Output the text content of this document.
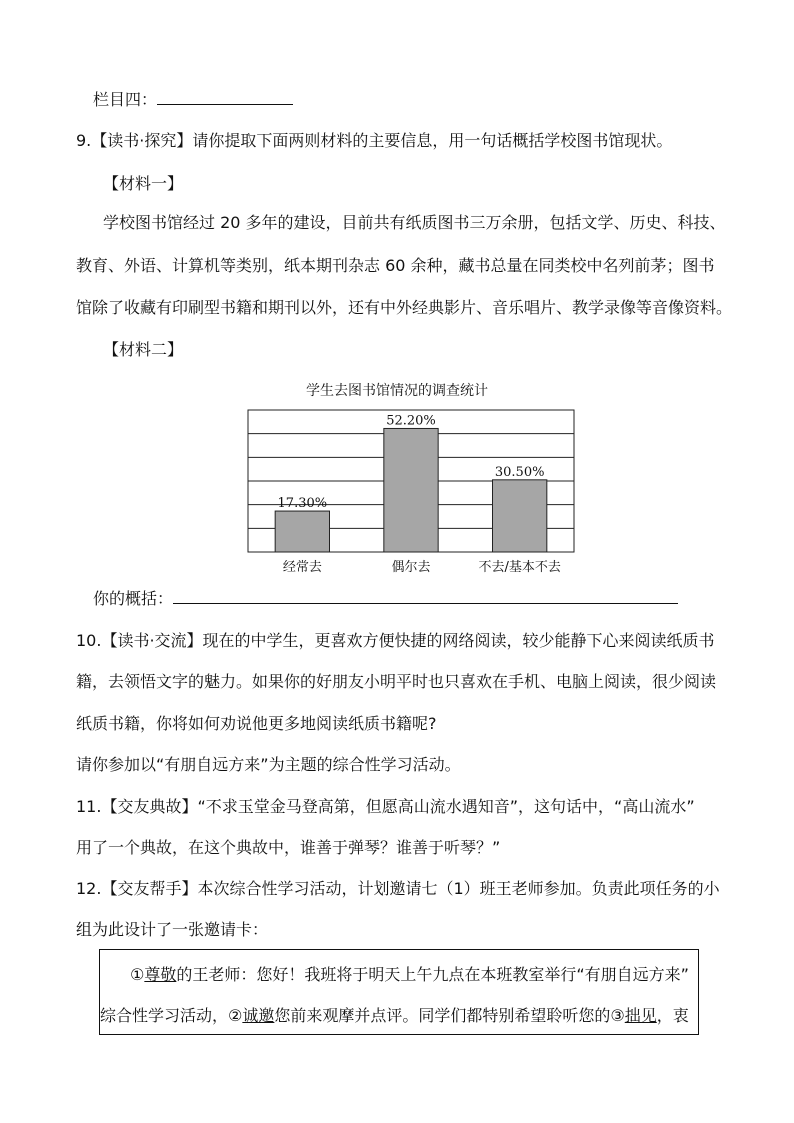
栏目四：
9.【读书·探究】请你提取下面两则材料的主要信息，用一句话概括学校图书馆现状。
【材料一】
学校图书馆经过 20 多年的建设，目前共有纸质图书三万余册，包括文学、历史、科技、
教育、外语、计算机等类别，纸本期刊杂志 60 余种，藏书总量在同类校中名列前茅；图书
馆除了收藏有印刷型书籍和期刊以外，还有中外经典影片、音乐唱片、教学录像等音像资料。
【材料二】
学生去图书馆情况的调查统计
17.30%
经常去
52.20%
偶尔去
30.50%
不去/基本不去
你的概括：
10.【读书·交流】现在的中学生，更喜欢方便快捷的网络阅读，较少能静下心来阅读纸质书
籍，去领悟文字的魅力。如果你的好朋友小明平时也只喜欢在手机、电脑上阅读，很少阅读
纸质书籍，你将如何劝说他更多地阅读纸质书籍呢?
请你参加以“有朋自远方来”为主题的综合性学习活动。
11.【交友典故】“不求玉堂金马登高第，但愿高山流水遇知音”，这句话中，“高山流水”
用了一个典故，在这个典故中，谁善于弹琴？谁善于听琴？”
12.【交友帮手】本次综合性学习活动，计划邀请七（1）班王老师参加。负责此项任务的小
组为此设计了一张邀请卡：
①尊敬的王老师：您好！我班将于明天上午九点在本班教室举行“有朋自远方来”
综合性学习活动，②诚邀您前来观摩并点评。同学们都特别希望聆听您的③拙见，衷
